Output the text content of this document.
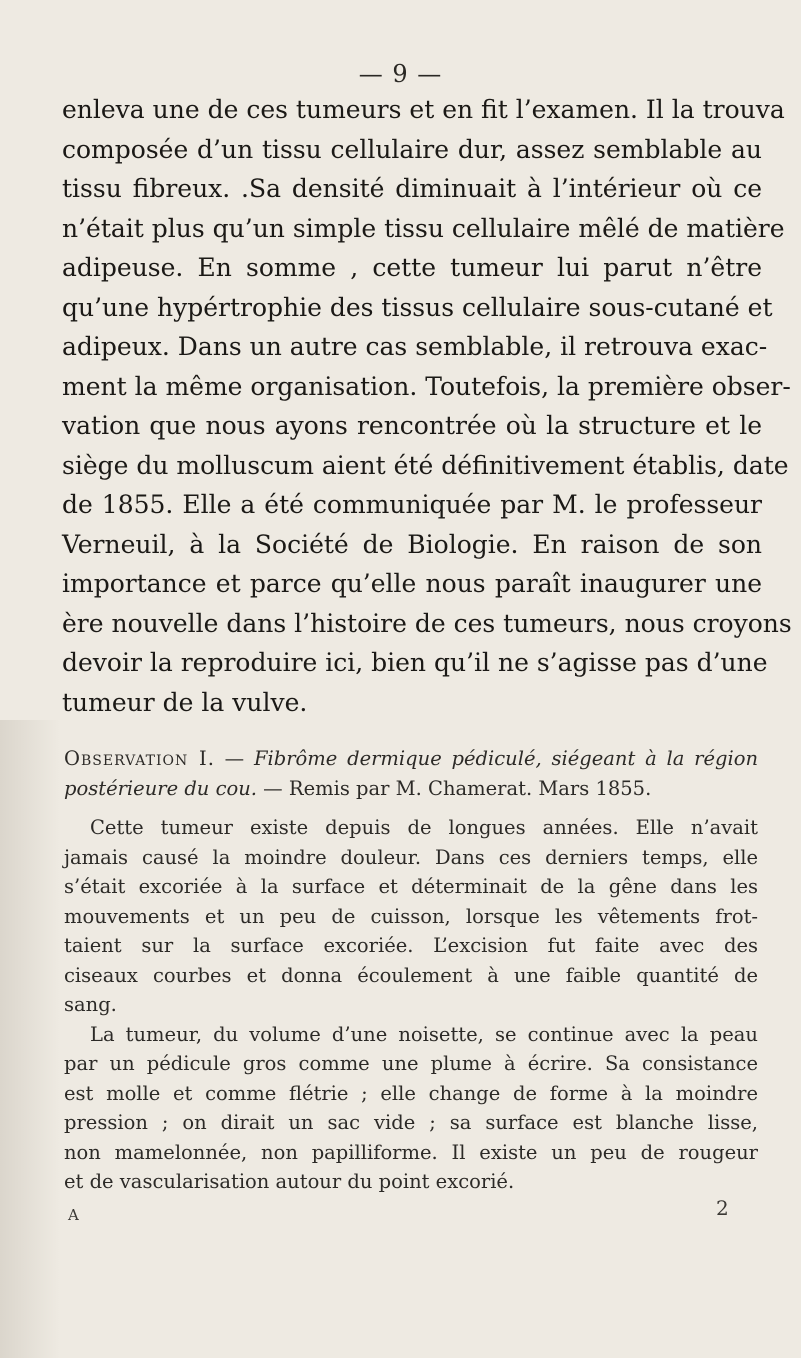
— 9 —
enleva une de ces tumeurs et en fit l’examen. Il la trouva
composée d’un tissu cellulaire dur, assez semblable au
tissu fibreux. .Sa densité diminuait à l’intérieur où ce
n’était plus qu’un simple tissu cellulaire mêlé de matière
adipeuse. En somme , cette tumeur lui parut n’être
qu’une hypértrophie des tissus cellulaire sous-cutané et
adipeux. Dans un autre cas semblable, il retrouva exac-
ment la même organisation. Toutefois, la première obser-
vation que nous ayons rencontrée où la structure et le
siège du molluscum aient été définitivement établis, date
de 1855. Elle a été communiquée par M. le professeur
Verneuil, à la Société de Biologie. En raison de son
importance et parce qu’elle nous paraît inaugurer une
ère nouvelle dans l’histoire de ces tumeurs, nous croyons
devoir la reproduire ici, bien qu’il ne s’agisse pas d’une
tumeur de la vulve.
Observation I. — Fibrôme dermique pédiculé, siégeant à la région
postérieure du cou. — Remis par M. Chamerat. Mars 1855.
Cette tumeur existe depuis de longues années. Elle n’avait
jamais causé la moindre douleur. Dans ces derniers temps, elle
s’était excoriée à la surface et déterminait de la gêne dans les
mouvements et un peu de cuisson, lorsque les vêtements frot-
taient sur la surface excoriée. L’excision fut faite avec des
ciseaux courbes et donna écoulement à une faible quantité de
sang.
La tumeur, du volume d’une noisette, se continue avec la peau
par un pédicule gros comme une plume à écrire. Sa consistance
est molle et comme flétrie ; elle change de forme à la moindre
pression ; on dirait un sac vide ; sa surface est blanche lisse,
non mamelonnée, non papilliforme. Il existe un peu de rougeur
et de vascularisation autour du point excorié.
A	2
